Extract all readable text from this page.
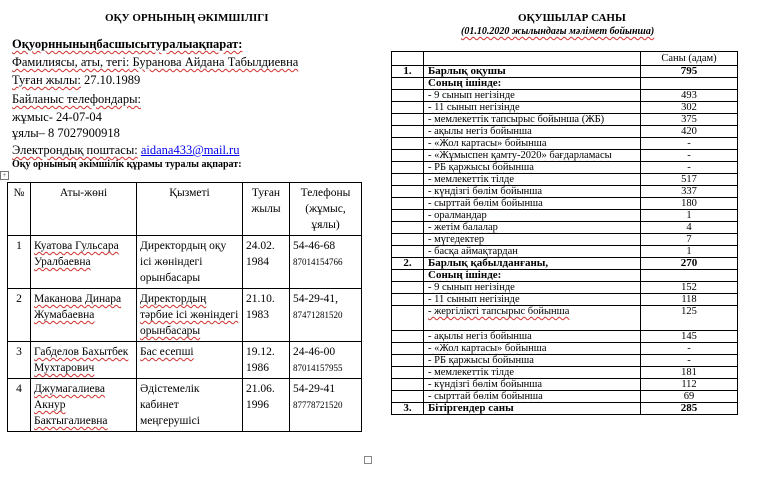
ОҚУ ОРНЫНЫҢ ӘКІМШІЛІГІ
Оқуорнныныңбасшысытуралыақпарат:
Фамилиясы, аты, тегі: Буранова Айдана Табылдиевна
Туған жылы: 27.10.1989
Байланыс телефондары:
жұмыс- 24-07-04
ұялы– 8 7027900918
Электрондық поштасы: aidana433@mail.ru
Оқу орнының әкімшілік құрамы туралы ақпарат:
+
№	Аты-жөні	Қызметі	Туған жылы	Телефоны (жұмыс, ұялы)
1	Куатова Гульсара Уралбаевна	Директордың оқу ісі жөніндегі орынбасары	24.02. 1984	54-46-68
87014154766
2	Маканова Динара Жумабаевна	Директордың тәрбие ісі жөніндегі орынбасары	21.10. 1983	54-29-41,
87471281520
3	Габделов Бахытбек Мухтарович	Бас есепші	19.12. 1986	24-46-00
87014157955
4	Джумагалиева Акнур Бактыгалиевна	Әдістемелік кабинет меңгерушісі	21.06. 1996	54-29-41
87778721520
ОҚУШЫЛАР САНЫ
(01.10.2020 жылындағы мәлімет бойынша)
		Саны (адам)
1.	Барлық оқушы	795
	Соның ішінде:	
	- 9 сынып негізінде	493
	- 11 сынып негізінде	302
	- мемлекеттік тапсырыс бойынша (ЖБ)	375
	- ақылы негіз бойынша	420
	- «Жол картасы» бойынша	-
	- «Жұмыспен қамту-2020» бағдарламасы	-
	- РБ қаржысы бойынша	-
	- мемлекеттік тілде	517
	- күндізгі бөлім бойынша	337
	- сырттай бөлім бойынша	180
	- оралмандар	1
	- жетім балалар	4
	- мүгедектер	7
	- басқа аймақтардан	1
2.	Барлық қабылданғаны,	270
	Соның ішінде:	
	- 9 сынып негізінде	152
	- 11 сынып негізінде	118
	- жергілікті тапсырыс бойынша	125
	- ақылы негіз бойынша	145
	- «Жол картасы» бойынша	-
	- РБ қаржысы бойынша	-
	- мемлекеттік тілде	181
	- күндізгі бөлім бойынша	112
	- сырттай бөлім бойынша	69
3.	Бітіргендер саны	285
